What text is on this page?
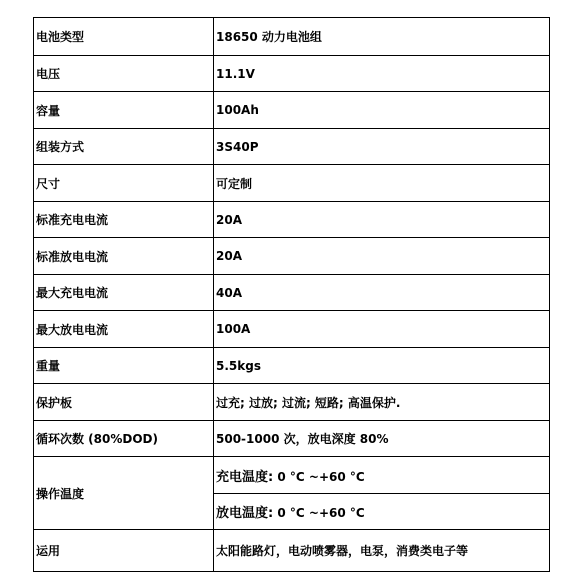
电池类型	18650 动力电池组
电压	11.1V
容量	100Ah
组装方式	3S40P
尺寸	可定制
标准充电电流	20A
标准放电电流	20A
最大充电电流	40A
最大放电电流	100A
重量	5.5kgs
保护板	过充; 过放; 过流; 短路; 高温保护.
循环次数 (80%DOD)	500-1000 次，放电深度 80%
操作温度	充电温度: 0 °C ~+60 °C
	放电温度: 0 °C ~+60 °C
运用	太阳能路灯，电动喷雾器，电泵，消费类电子等
